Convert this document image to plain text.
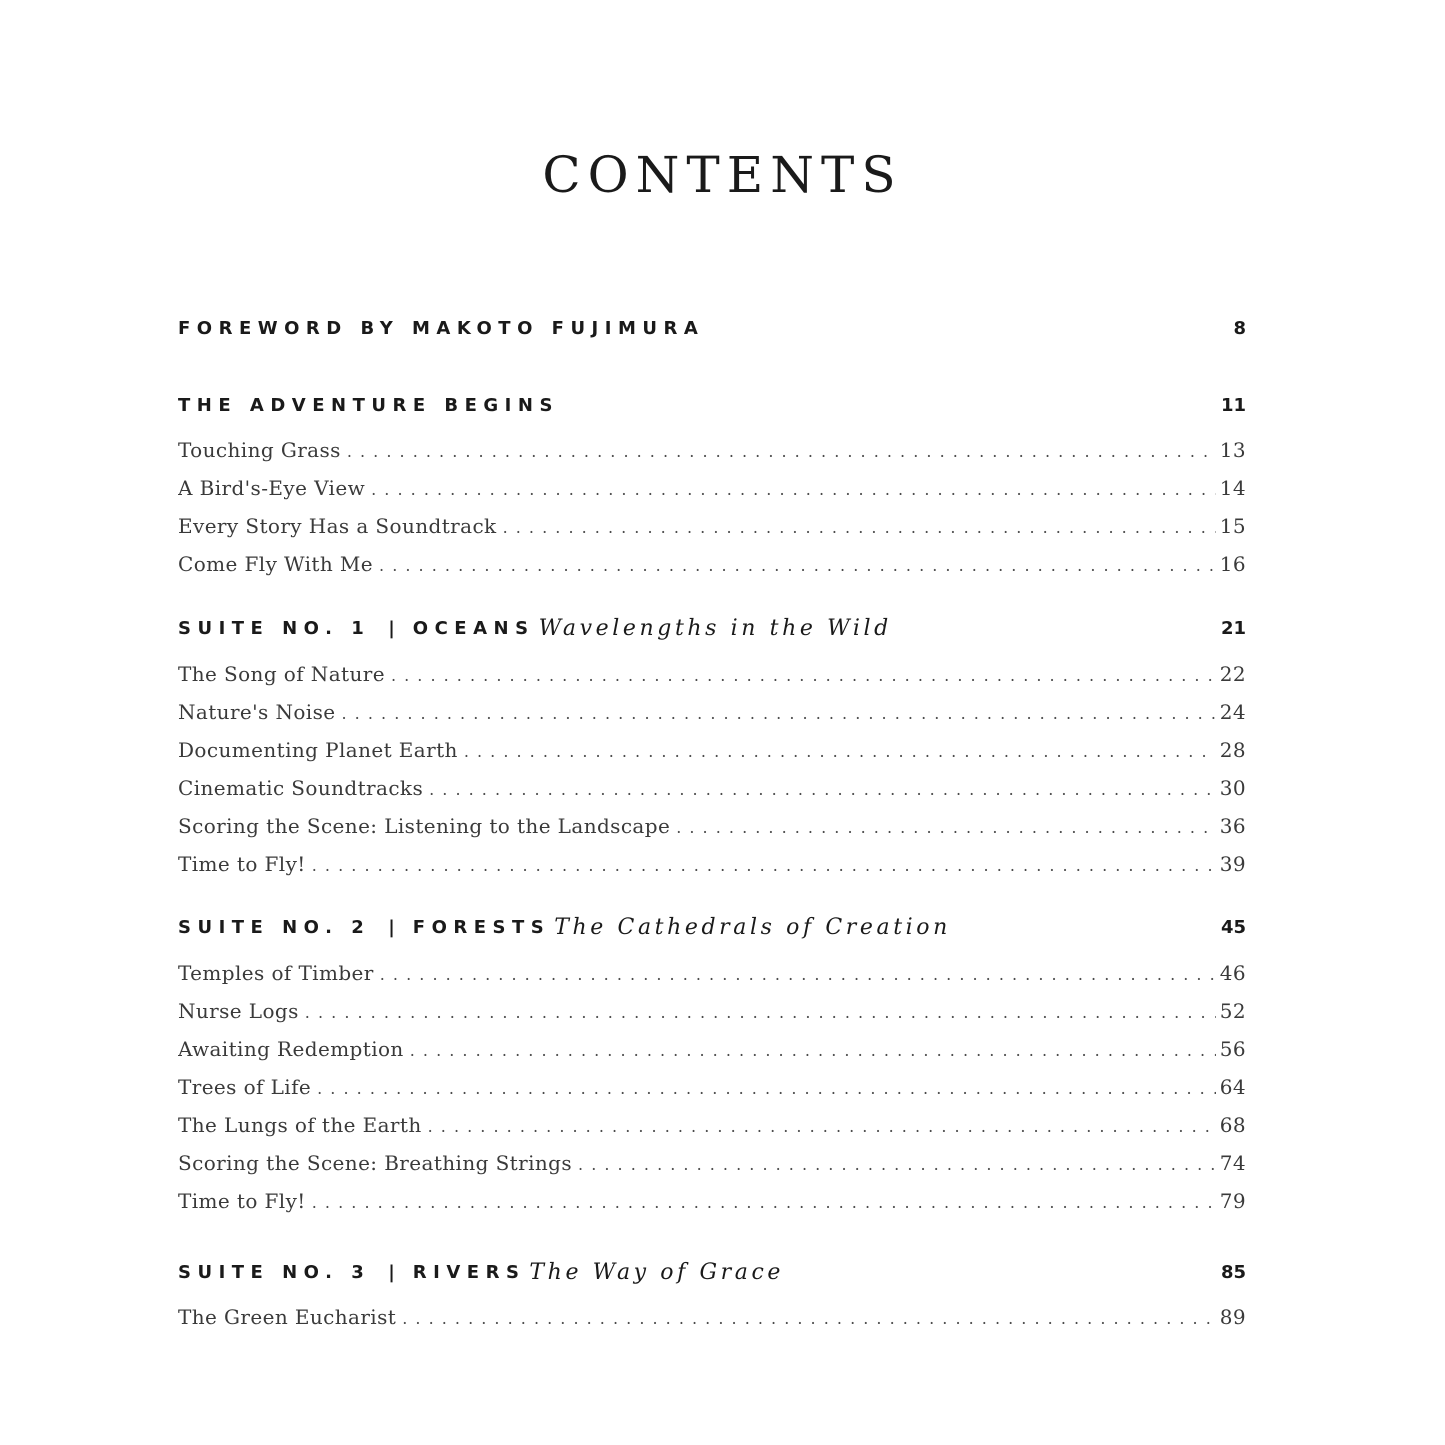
CONTENTS
FOREWORD BY MAKOTO FUJIMURA	8
THE ADVENTURE BEGINS	11
Touching Grass . . .	13
A Bird's-Eye View . . .	14
Every Story Has a Soundtrack . . .	15
Come Fly With Me . . .	16
SUITE NO. 1 | OCEANS Wavelengths in the Wild	21
The Song of Nature . . .	22
Nature's Noise . . .	24
Documenting Planet Earth . . .	28
Cinematic Soundtracks . . .	30
Scoring the Scene: Listening to the Landscape . . .	36
Time to Fly! . . .	39
SUITE NO. 2 | FORESTS The Cathedrals of Creation	45
Temples of Timber . . .	46
Nurse Logs . . .	52
Awaiting Redemption . . .	56
Trees of Life . . .	64
The Lungs of the Earth . . .	68
Scoring the Scene: Breathing Strings . . .	74
Time to Fly! . . .	79
SUITE NO. 3 | RIVERS The Way of Grace	85
The Green Eucharist . . .	89
